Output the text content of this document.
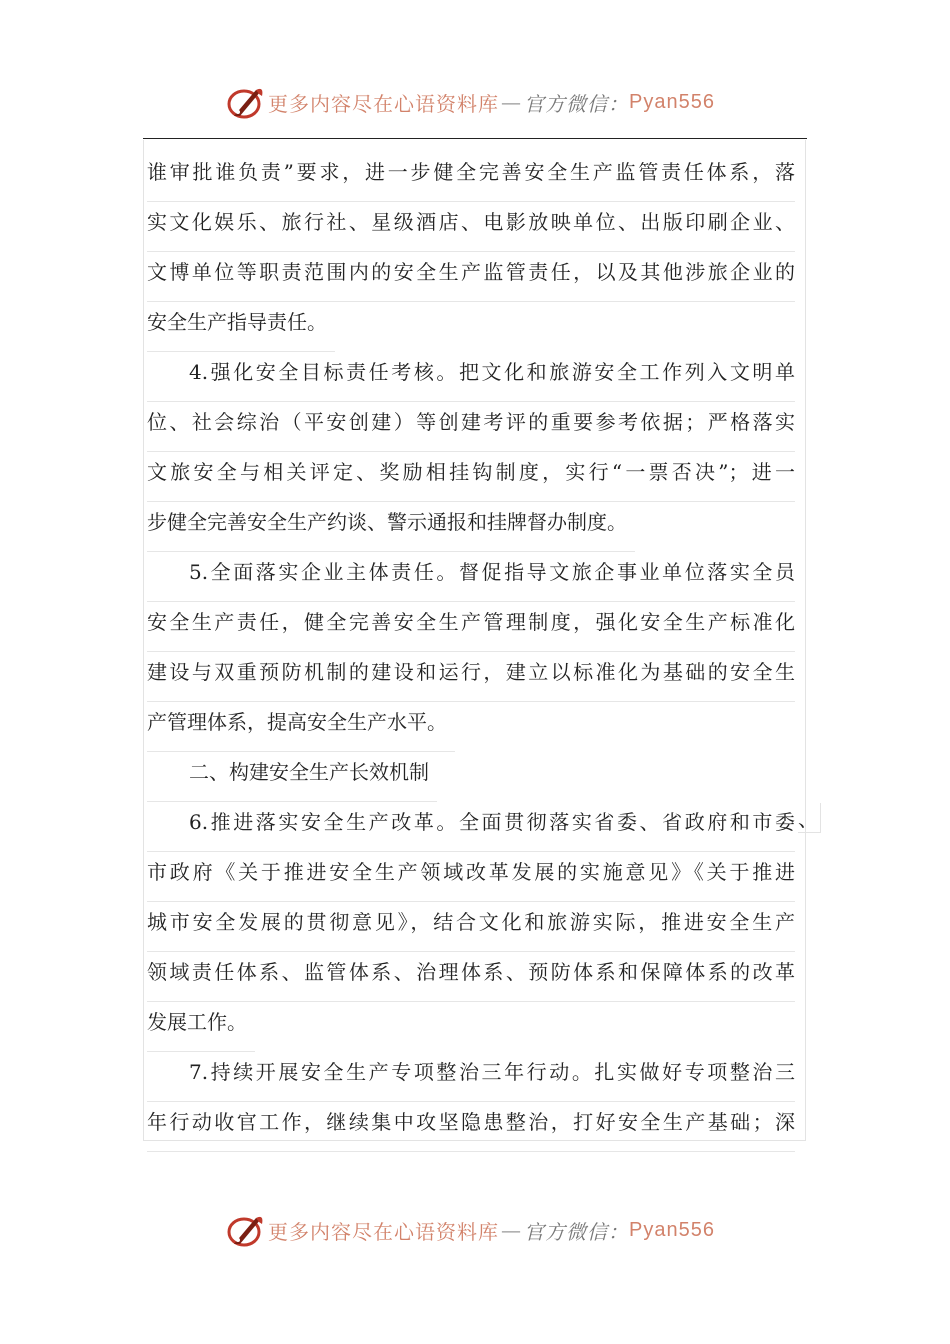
更多内容尽在心语资料库 — 官方微信： Pyan556
谁审批谁负责”要求，进一步健全完善安全生产监管责任体系，落
实文化娱乐、旅行社、星级酒店、电影放映单位、出版印刷企业、
文博单位等职责范围内的安全生产监管责任，以及其他涉旅企业的
安全生产指导责任。
4.强化安全目标责任考核。把文化和旅游安全工作列入文明单
位、社会综治（平安创建）等创建考评的重要参考依据；严格落实
文旅安全与相关评定、奖励相挂钩制度，实行“一票否决”；进一
步健全完善安全生产约谈、警示通报和挂牌督办制度。
5.全面落实企业主体责任。督促指导文旅企事业单位落实全员
安全生产责任，健全完善安全生产管理制度，强化安全生产标准化
建设与双重预防机制的建设和运行，建立以标准化为基础的安全生
产管理体系，提高安全生产水平。
二、构建安全生产长效机制
6.推进落实安全生产改革。全面贯彻落实省委、省政府和市委
市政府《关于推进安全生产领域改革发展的实施意见》《关于推进
城市安全发展的贯彻意见》，结合文化和旅游实际，推进安全生产
领域责任体系、监管体系、治理体系、预防体系和保障体系的改革
发展工作。
7.持续开展安全生产专项整治三年行动。扎实做好专项整治三
年行动收官工作，继续集中攻坚隐患整治，打好安全生产基础；深
、
更多内容尽在心语资料库 — 官方微信： Pyan556
